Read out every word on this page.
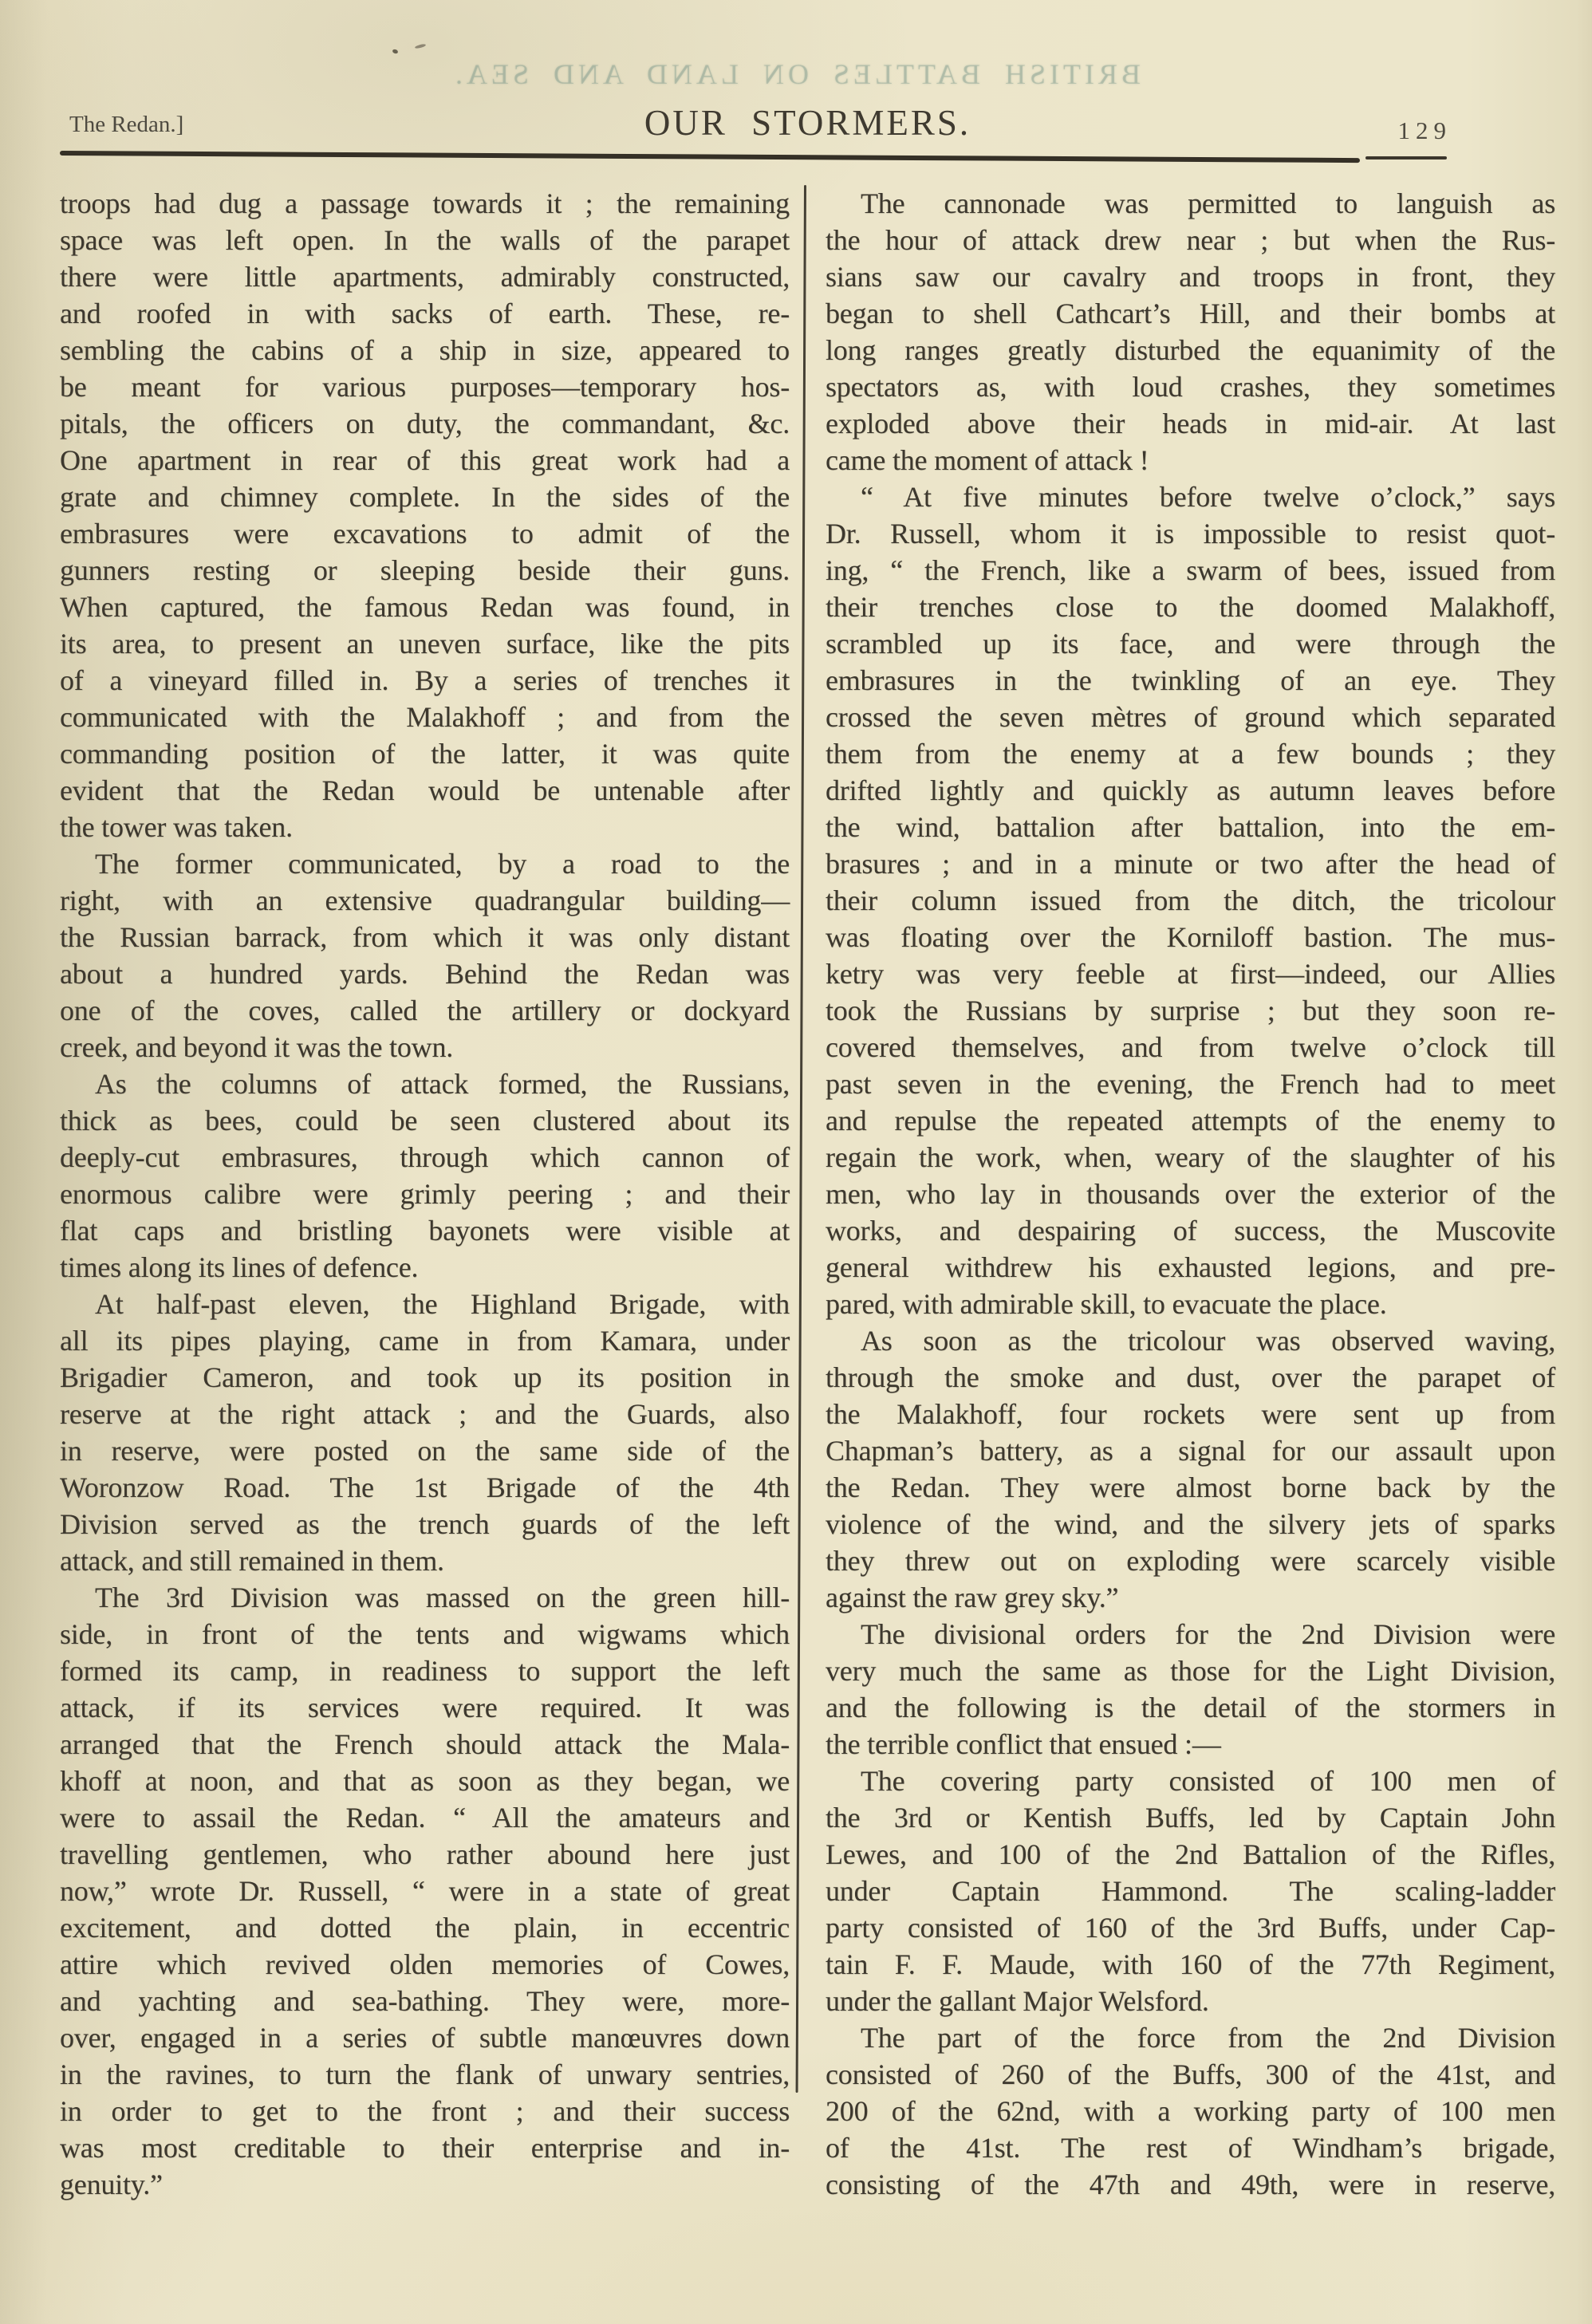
BRITISH BATTLES ON LAND AND SEA.
The Redan.]	OUR STORMERS.	129
troops had dug a passage towards it ; the remaining
space was left open. In the walls of the parapet
there were little apartments, admirably constructed,
and roofed in with sacks of earth. These, re-
sembling the cabins of a ship in size, appeared to
be meant for various purposes—temporary hos-
pitals, the officers on duty, the commandant, &c.
One apartment in rear of this great work had a
grate and chimney complete. In the sides of the
embrasures were excavations to admit of the
gunners resting or sleeping beside their guns.
When captured, the famous Redan was found, in
its area, to present an uneven surface, like the pits
of a vineyard filled in. By a series of trenches it
communicated with the Malakhoff ; and from the
commanding position of the latter, it was quite
evident that the Redan would be untenable after
the tower was taken.
The former communicated, by a road to the
right, with an extensive quadrangular building—
the Russian barrack, from which it was only distant
about a hundred yards. Behind the Redan was
one of the coves, called the artillery or dockyard
creek, and beyond it was the town.
As the columns of attack formed, the Russians,
thick as bees, could be seen clustered about its
deeply-cut embrasures, through which cannon of
enormous calibre were grimly peering ; and their
flat caps and bristling bayonets were visible at
times along its lines of defence.
At half-past eleven, the Highland Brigade, with
all its pipes playing, came in from Kamara, under
Brigadier Cameron, and took up its position in
reserve at the right attack ; and the Guards, also
in reserve, were posted on the same side of the
Woronzow Road. The 1st Brigade of the 4th
Division served as the trench guards of the left
attack, and still remained in them.
The 3rd Division was massed on the green hill-
side, in front of the tents and wigwams which
formed its camp, in readiness to support the left
attack, if its services were required. It was
arranged that the French should attack the Mala-
khoff at noon, and that as soon as they began, we
were to assail the Redan. “ All the amateurs and
travelling gentlemen, who rather abound here just
now,” wrote Dr. Russell, “ were in a state of great
excitement, and dotted the plain, in eccentric
attire which revived olden memories of Cowes,
and yachting and sea-bathing. They were, more-
over, engaged in a series of subtle manœuvres down
in the ravines, to turn the flank of unwary sentries,
in order to get to the front ; and their success
was most creditable to their enterprise and in-
genuity.”
The cannonade was permitted to languish as
the hour of attack drew near ; but when the Rus-
sians saw our cavalry and troops in front, they
began to shell Cathcart’s Hill, and their bombs at
long ranges greatly disturbed the equanimity of the
spectators as, with loud crashes, they sometimes
exploded above their heads in mid-air. At last
came the moment of attack !
“ At five minutes before twelve o’clock,” says
Dr. Russell, whom it is impossible to resist quot-
ing, “ the French, like a swarm of bees, issued from
their trenches close to the doomed Malakhoff,
scrambled up its face, and were through the
embrasures in the twinkling of an eye. They
crossed the seven mètres of ground which separated
them from the enemy at a few bounds ; they
drifted lightly and quickly as autumn leaves before
the wind, battalion after battalion, into the em-
brasures ; and in a minute or two after the head of
their column issued from the ditch, the tricolour
was floating over the Korniloff bastion. The mus-
ketry was very feeble at first—indeed, our Allies
took the Russians by surprise ; but they soon re-
covered themselves, and from twelve o’clock till
past seven in the evening, the French had to meet
and repulse the repeated attempts of the enemy to
regain the work, when, weary of the slaughter of his
men, who lay in thousands over the exterior of the
works, and despairing of success, the Muscovite
general withdrew his exhausted legions, and pre-
pared, with admirable skill, to evacuate the place.
As soon as the tricolour was observed waving,
through the smoke and dust, over the parapet of
the Malakhoff, four rockets were sent up from
Chapman’s battery, as a signal for our assault upon
the Redan. They were almost borne back by the
violence of the wind, and the silvery jets of sparks
they threw out on exploding were scarcely visible
against the raw grey sky.”
The divisional orders for the 2nd Division were
very much the same as those for the Light Division,
and the following is the detail of the stormers in
the terrible conflict that ensued :—
The covering party consisted of 100 men of
the 3rd or Kentish Buffs, led by Captain John
Lewes, and 100 of the 2nd Battalion of the Rifles,
under Captain Hammond. The scaling-ladder
party consisted of 160 of the 3rd Buffs, under Cap-
tain F. F. Maude, with 160 of the 77th Regiment,
under the gallant Major Welsford.
The part of the force from the 2nd Division
consisted of 260 of the Buffs, 300 of the 41st, and
200 of the 62nd, with a working party of 100 men
of the 41st. The rest of Windham’s brigade,
consisting of the 47th and 49th, were in reserve,
